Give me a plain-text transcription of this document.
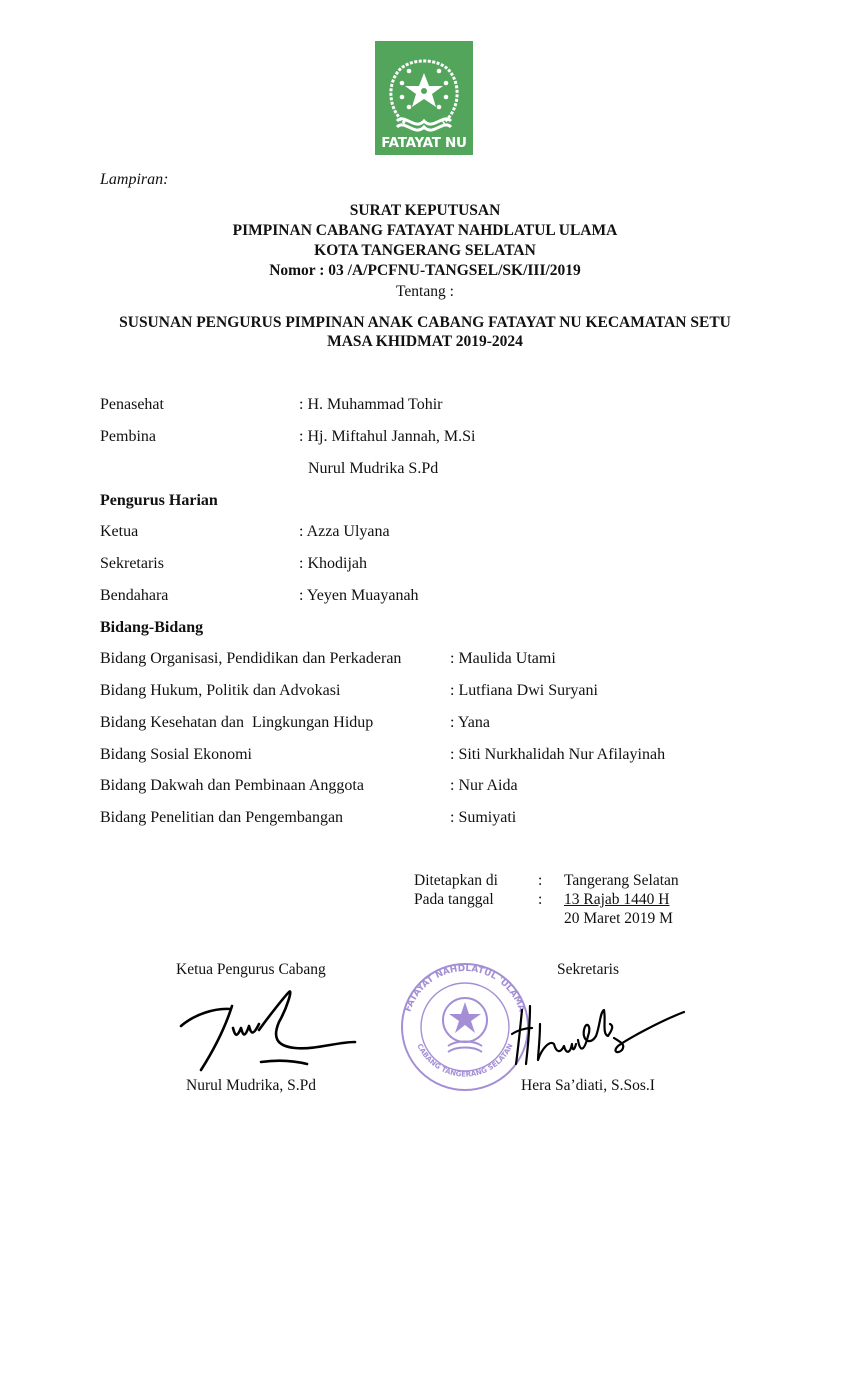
FATAYAT NU
Lampiran:
SURAT KEPUTUSAN
PIMPINAN CABANG FATAYAT NAHDLATUL ULAMA
KOTA TANGERANG SELATAN
Nomor : 03 /A/PCFNU-TANGSEL/SK/III/2019
Tentang :
SUSUNAN PENGURUS PIMPINAN ANAK CABANG FATAYAT NU KECAMATAN SETU
MASA KHIDMAT 2019-2024
Penasehat	: H. Muhammad Tohir
Pembina	: Hj. Miftahul Jannah, M.Si
Nurul Mudrika S.Pd
Pengurus Harian
Ketua	: Azza Ulyana
Sekretaris	: Khodijah
Bendahara	: Yeyen Muayanah
Bidang-Bidang
Bidang Organisasi, Pendidikan dan Perkaderan	: Maulida Utami
Bidang Hukum, Politik dan Advokasi	: Lutfiana Dwi Suryani
Bidang Kesehatan dan  Lingkungan Hidup	: Yana
Bidang Sosial Ekonomi	: Siti Nurkhalidah Nur Afilayinah
Bidang Dakwah dan Pembinaan Anggota	: Nur Aida
Bidang Penelitian dan Pengembangan	: Sumiyati
Ditetapkan di	: Tangerang Selatan
Pada tanggal	: 13 Rajab 1440 H
20 Maret 2019 M
Ketua Pengurus Cabang	Sekretaris
FATAYAT NAHDLATUL 'ULAMA
CABANG TANGERANG SELATAN
Nurul Mudrika, S.Pd	Hera Sa’diati, S.Sos.I
